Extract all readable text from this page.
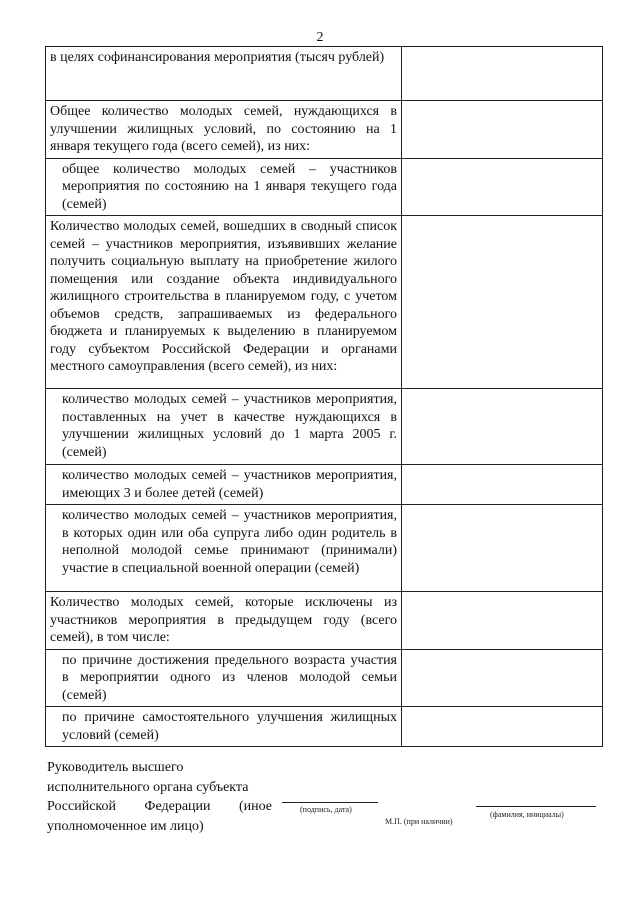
2
в целях софинансирования мероприятия (тысяч рублей)	

Общее количество молодых семей, нуждающихся в улучшении жилищных условий, по состоянию на 1 января текущего года (всего семей), из них:	

общее количество молодых семей – участников мероприятия по состоянию на 1 января текущего года (семей)	

Количество молодых семей, вошедших в сводный список семей – участников мероприятия, изъявивших желание получить социальную выплату на приобретение жилого помещения или создание объекта индивидуального жилищного строительства в планируемом году, с учетом объемов средств, запрашиваемых из федерального бюджета и планируемых к выделению в планируемом году субъектом Российской Федерации и органами местного самоуправления (всего семей), из них:	

количество молодых семей – участников мероприятия, поставленных на учет в качестве нуждающихся в улучшении жилищных условий до 1 марта 2005 г. (семей)	

количество молодых семей – участников мероприятия, имеющих 3 и более детей (семей)	

количество молодых семей – участников мероприятия, в которых один или оба супруга либо один родитель в неполной молодой семье принимают (принимали) участие в специальной военной операции (семей)	

Количество молодых семей, которые исключены из участников мероприятия в предыдущем году (всего семей), в том числе:	

по причине достижения предельного возраста участия в мероприятии одного из членов молодой семьи (семей)	

по причине самостоятельного улучшения жилищных условий (семей)	

Руководитель высшего
исполнительного органа субъекта
Российской Федерации (иное
уполномоченное им лицо)
(подпись, дата)
М.П. (при наличии)
(фамилия, инициалы)
